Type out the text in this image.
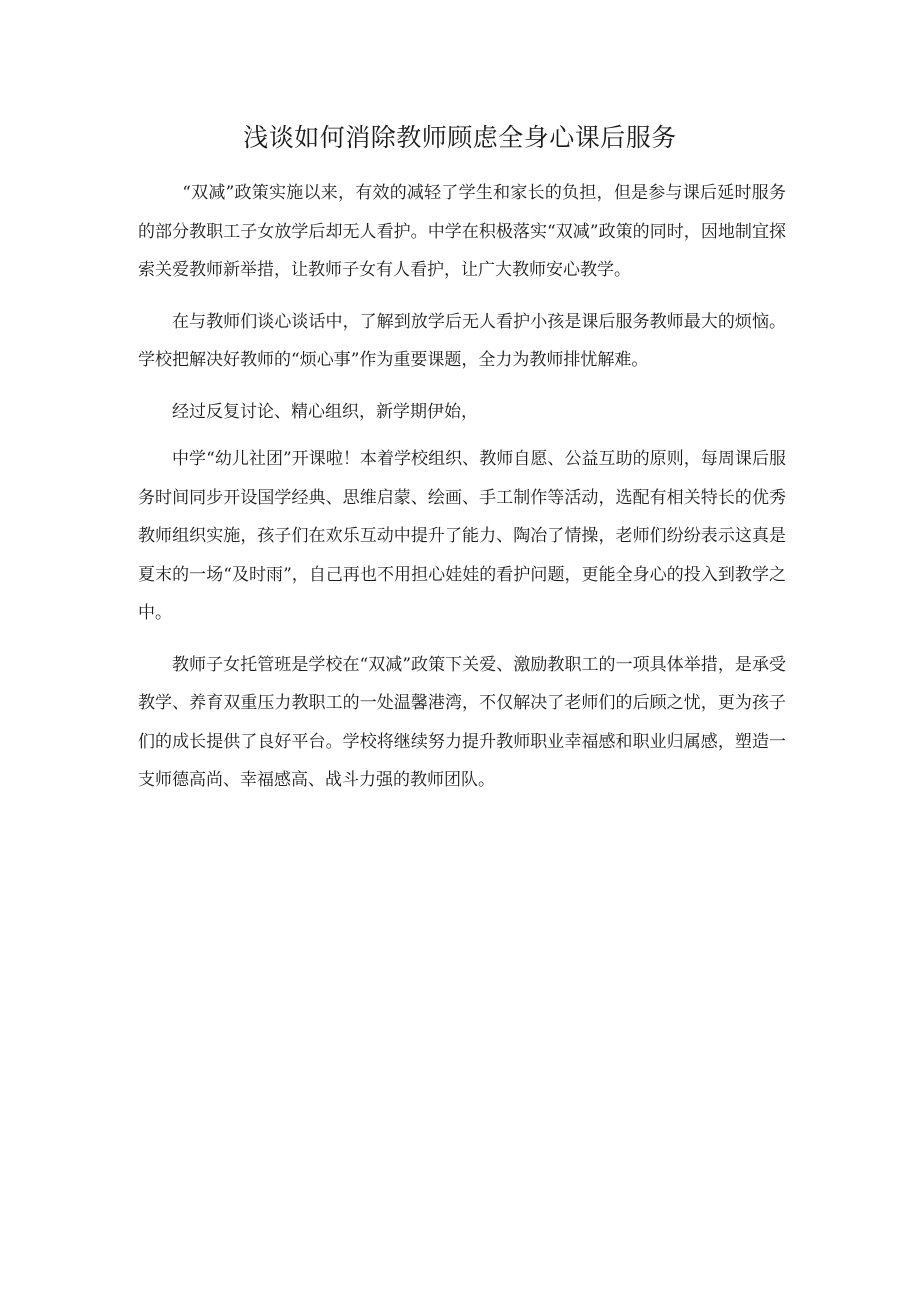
浅谈如何消除教师顾虑全身心课后服务

“双减”政策实施以来，有效的减轻了学生和家长的负担，但是参与课后延时服务的部分教职工子女放学后却无人看护。中学在积极落实“双减”政策的同时，因地制宜探索关爱教师新举措，让教师子女有人看护，让广大教师安心教学。

在与教师们谈心谈话中，了解到放学后无人看护小孩是课后服务教师最大的烦恼。学校把解决好教师的“烦心事”作为重要课题，全力为教师排忧解难。

经过反复讨论、精心组织，新学期伊始，

中学“幼儿社团”开课啦！本着学校组织、教师自愿、公益互助的原则，每周课后服务时间同步开设国学经典、思维启蒙、绘画、手工制作等活动，选配有相关特长的优秀教师组织实施，孩子们在欢乐互动中提升了能力、陶冶了情操，老师们纷纷表示这真是夏末的一场“及时雨”，自己再也不用担心娃娃的看护问题，更能全身心的投入到教学之中。

教师子女托管班是学校在“双减”政策下关爱、激励教职工的一项具体举措，是承受教学、养育双重压力教职工的一处温馨港湾，不仅解决了老师们的后顾之忧，更为孩子们的成长提供了良好平台。学校将继续努力提升教师职业幸福感和职业归属感，塑造一支师德高尚、幸福感高、战斗力强的教师团队。
